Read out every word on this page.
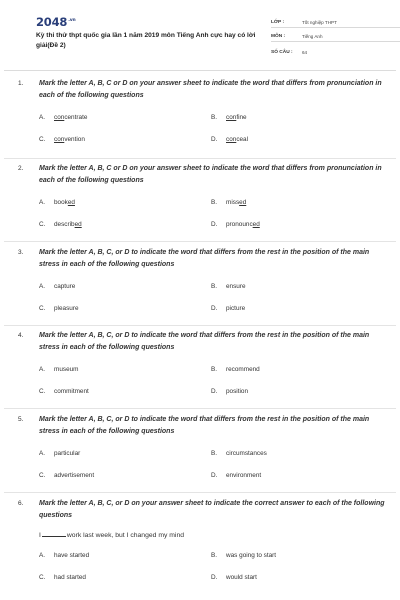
$2048^{.vn}$
Kỳ thi thử thpt quốc gia lần 1 năm 2019 môn Tiếng Anh cực hay có lời giải(Đề 2)
LỚP :	Tốt nghiệp THPT
MÔN :	Tiếng Anh
SỐ CÂU :	64
1.	Mark the letter A, B, C or D on your answer sheet to indicate the word that differs from pronunciation in each of the following questions
A.	concentrate	B.	confine
C.	convention	D.	conceal
2.	Mark the letter A, B, C or D on your answer sheet to indicate the word that differs from pronunciation in each of the following questions
A.	booked	B.	missed
C.	described	D.	pronounced
3.	Mark the letter A, B, C, or D to indicate the word that differs from the rest in the position of the main stress in each of the following questions
A.	capture	B.	ensure
C.	pleasure	D.	picture
4.	Mark the letter A, B, C, or D to indicate the word that differs from the rest in the position of the main stress in each of the following questions
A.	museum	B.	recommend
C.	commitment	D.	position
5.	Mark the letter A, B, C, or D to indicate the word that differs from the rest in the position of the main stress in each of the following questions
A.	particular	B.	circumstances
C.	advertisement	D.	environment
6.	Mark the letter A, B, C, or D on your answer sheet to indicate the correct answer to each of the following questions
I	work last week, but I changed my mind
A.	have started	B.	was going to start
C.	had started	D.	would start
